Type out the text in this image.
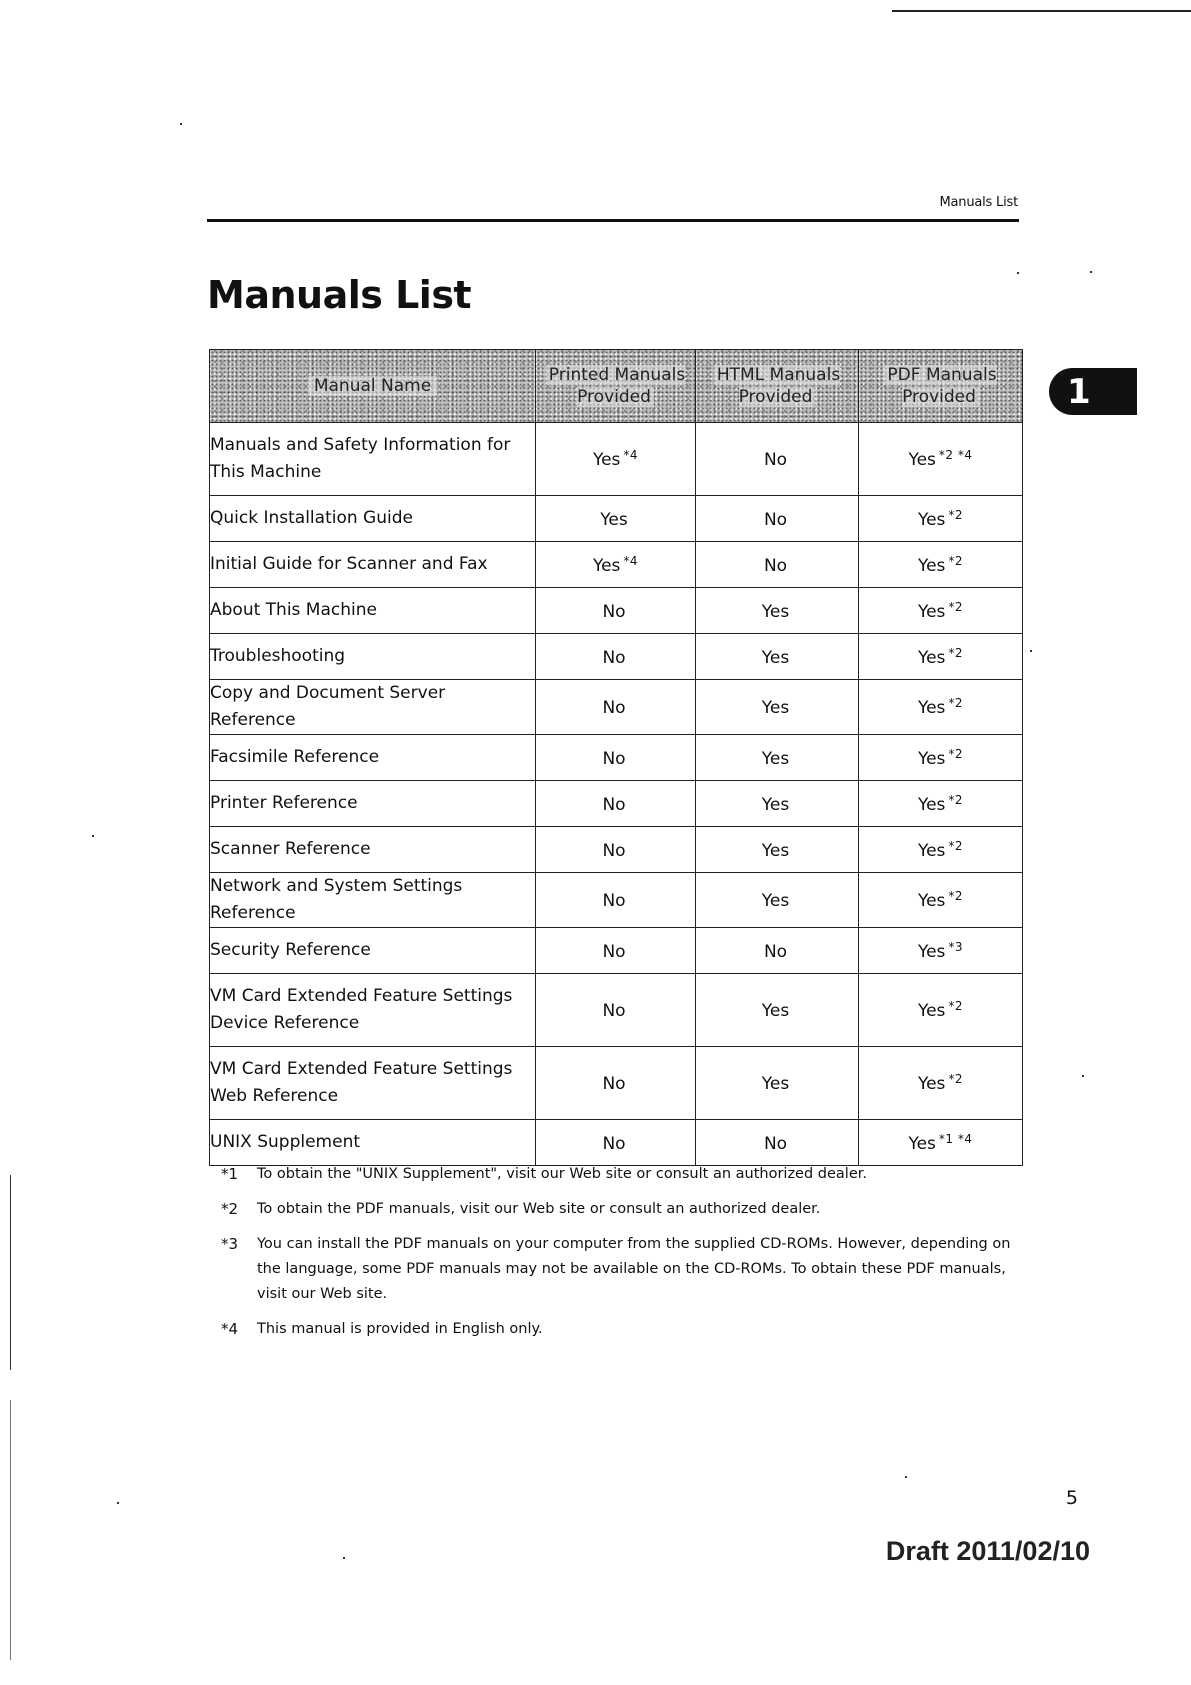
Manuals List
Manuals List
1
Manual Name	Printed Manuals Provided	HTML Manuals Provided	PDF Manuals Provided
Manuals and Safety Information for This Machine	Yes $^{*4}$	No	Yes $^{*2 *4}$
Quick Installation Guide	Yes	No	Yes $^{*2}$
Initial Guide for Scanner and Fax	Yes $^{*4}$	No	Yes $^{*2}$
About This Machine	No	Yes	Yes $^{*2}$
Troubleshooting	No	Yes	Yes $^{*2}$
Copy and Document Server Reference	No	Yes	Yes $^{*2}$
Facsimile Reference	No	Yes	Yes $^{*2}$
Printer Reference	No	Yes	Yes $^{*2}$
Scanner Reference	No	Yes	Yes $^{*2}$
Network and System Settings Reference	No	Yes	Yes $^{*2}$
Security Reference	No	No	Yes $^{*3}$
VM Card Extended Feature Settings Device Reference	No	Yes	Yes $^{*2}$
VM Card Extended Feature Settings Web Reference	No	Yes	Yes $^{*2}$
UNIX Supplement	No	No	Yes $^{*1 *4}$
*1 To obtain the "UNIX Supplement", visit our Web site or consult an authorized dealer.
*2 To obtain the PDF manuals, visit our Web site or consult an authorized dealer.
*3 You can install the PDF manuals on your computer from the supplied CD-ROMs. However, depending on the language, some PDF manuals may not be available on the CD-ROMs. To obtain these PDF manuals, visit our Web site.
*4 This manual is provided in English only.
5
Draft 2011/02/10
